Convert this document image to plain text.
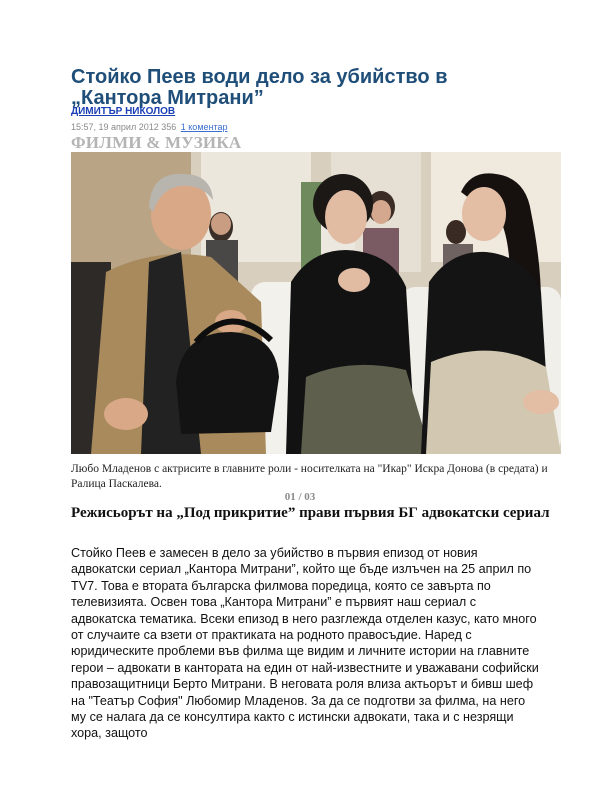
Стойко Пеев води дело за убийство в „Кантора Митрани”
ДИМИТЪР НИКОЛОВ
15:57, 19 април 2012 356 1 коментар
ФИЛМИ & МУЗИКА
Любо Младенов с актрисите в главните роли - носителката на "Икар" Искра Донова (в средата) и Ралица Паскалева.
01 / 03
Режисьорът на „Под прикритие” прави първия БГ адвокатски сериал

Стойко Пеев е замесен в дело за убийство в първия епизод от новия адвокатски сериал „Кантора Митрани”, който ще бъде излъчен на 25 април по TV7. Това е втората българска филмова поредица, която се завърта по телевизията. Освен това „Кантора Митрани” е първият наш сериал с адвокатска тематика. Всеки епизод в него разглежда отделен казус, като много от случаите са взети от практиката на родното правосъдие. Наред с юридическите проблеми във филма ще видим и личните истории на главните герои – адвокати в кантората на един от най-известните и уважавани софийски правозащитници Берто Митрани. В неговата роля влиза актьорът и бивш шеф на "Театър София" Любомир Младенов. За да се подготви за филма, на него му се налага да се консултира както с истински адвокати, така и с незрящи хора, защото
